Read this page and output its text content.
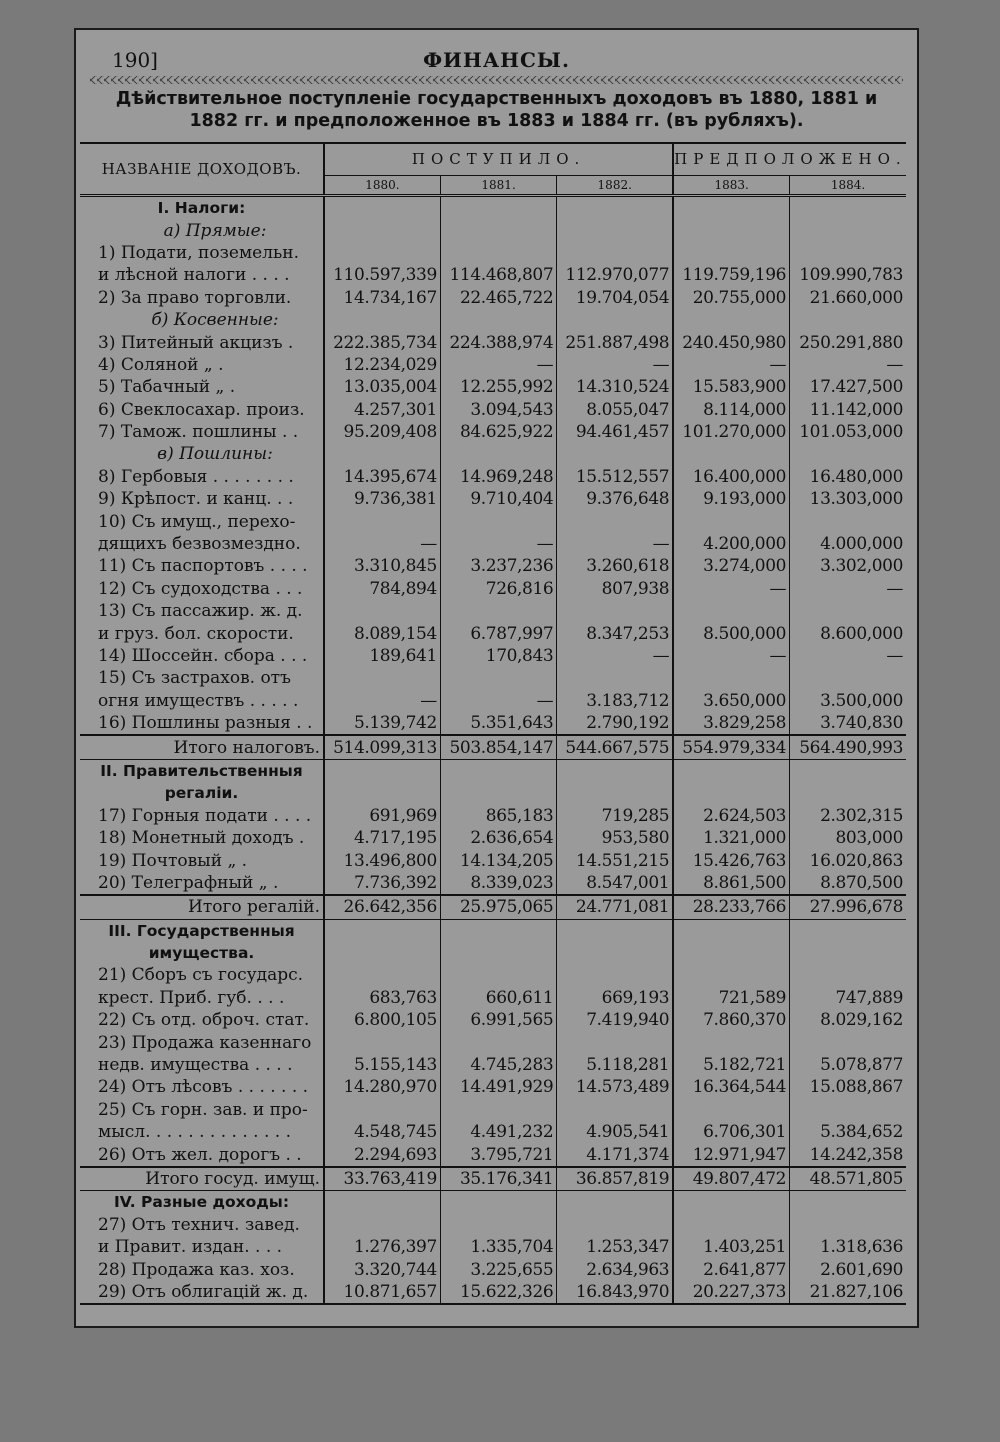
190]	ФИНАНСЫ.
Дѣйствительное поступленіе государственныхъ доходовъ въ 1880, 1881 и 1882 гг. и предположенное въ 1883 и 1884 гг. (въ рубляхъ).
НАЗВАНІЕ ДОХОДОВЪ.	ПОСТУПИЛО.			ПРЕДПОЛОЖЕНО.	
	1880.	1881.	1882.	1883.	1884.
I. Налоги:					
а) Прямые:					
1) Подати, поземельн.					
и лѣсной налоги . . . .	110.597,339	114.468,807	112.970,077	119.759,196	109.990,783
2) За право торговли.	14.734,167	22.465,722	19.704,054	20.755,000	21.660,000
б) Косвенные:					
3) Питейный акцизъ .	222.385,734	224.388,974	251.887,498	240.450,980	250.291,880
4) Соляной „ .	12.234,029	—	—	—	—
5) Табачный „ .	13.035,004	12.255,992	14.310,524	15.583,900	17.427,500
6) Свеклосахар. произ.	4.257,301	3.094,543	8.055,047	8.114,000	11.142,000
7) Тамож. пошлины . .	95.209,408	84.625,922	94.461,457	101.270,000	101.053,000
в) Пошлины:					
8) Гербовыя . . . . . . . .	14.395,674	14.969,248	15.512,557	16.400,000	16.480,000
9) Крѣпост. и канц. . .	9.736,381	9.710,404	9.376,648	9.193,000	13.303,000
10) Съ имущ., перехо-					
дящихъ безвозмездно.	—	—	—	4.200,000	4.000,000
11) Съ паспортовъ . . . .	3.310,845	3.237,236	3.260,618	3.274,000	3.302,000
12) Съ судоходства . . .	784,894	726,816	807,938	—	—
13) Съ пассажир. ж. д.					
и груз. бол. скорости.	8.089,154	6.787,997	8.347,253	8.500,000	8.600,000
14) Шоссейн. сбора . . .	189,641	170,843	—	—	—
15) Съ застрахов. отъ					
огня имуществъ . . . . .	—	—	3.183,712	3.650,000	3.500,000
16) Пошлины разныя . .	5.139,742	5.351,643	2.790,192	3.829,258	3.740,830
Итого налоговъ.	514.099,313	503.854,147	544.667,575	554.979,334	564.490,993
II. Правительственныя					
регаліи.					
17) Горныя подати . . . .	691,969	865,183	719,285	2.624,503	2.302,315
18) Монетный доходъ .	4.717,195	2.636,654	953,580	1.321,000	803,000
19) Почтовый „ .	13.496,800	14.134,205	14.551,215	15.426,763	16.020,863
20) Телеграфный „ .	7.736,392	8.339,023	8.547,001	8.861,500	8.870,500
Итого регалій.	26.642,356	25.975,065	24.771,081	28.233,766	27.996,678
III. Государственныя					
имущества.					
21) Сборъ съ государс.					
крест. Приб. губ. . . .	683,763	660,611	669,193	721,589	747,889
22) Съ отд. оброч. стат.	6.800,105	6.991,565	7.419,940	7.860,370	8.029,162
23) Продажа казеннаго					
недв. имущества . . . .	5.155,143	4.745,283	5.118,281	5.182,721	5.078,877
24) Отъ лѣсовъ . . . . . . .	14.280,970	14.491,929	14.573,489	16.364,544	15.088,867
25) Съ горн. зав. и про-					
мысл. . . . . . . . . . . . . .	4.548,745	4.491,232	4.905,541	6.706,301	5.384,652
26) Отъ жел. дорогъ . .	2.294,693	3.795,721	4.171,374	12.971,947	14.242,358
Итого госуд. имущ.	33.763,419	35.176,341	36.857,819	49.807,472	48.571,805
IV. Разные доходы:					
27) Отъ технич. завед.					
и Правит. издан. . . .	1.276,397	1.335,704	1.253,347	1.403,251	1.318,636
28) Продажа каз. хоз.	3.320,744	3.225,655	2.634,963	2.641,877	2.601,690
29) Отъ облигацій ж. д.	10.871,657	15.622,326	16.843,970	20.227,373	21.827,106
